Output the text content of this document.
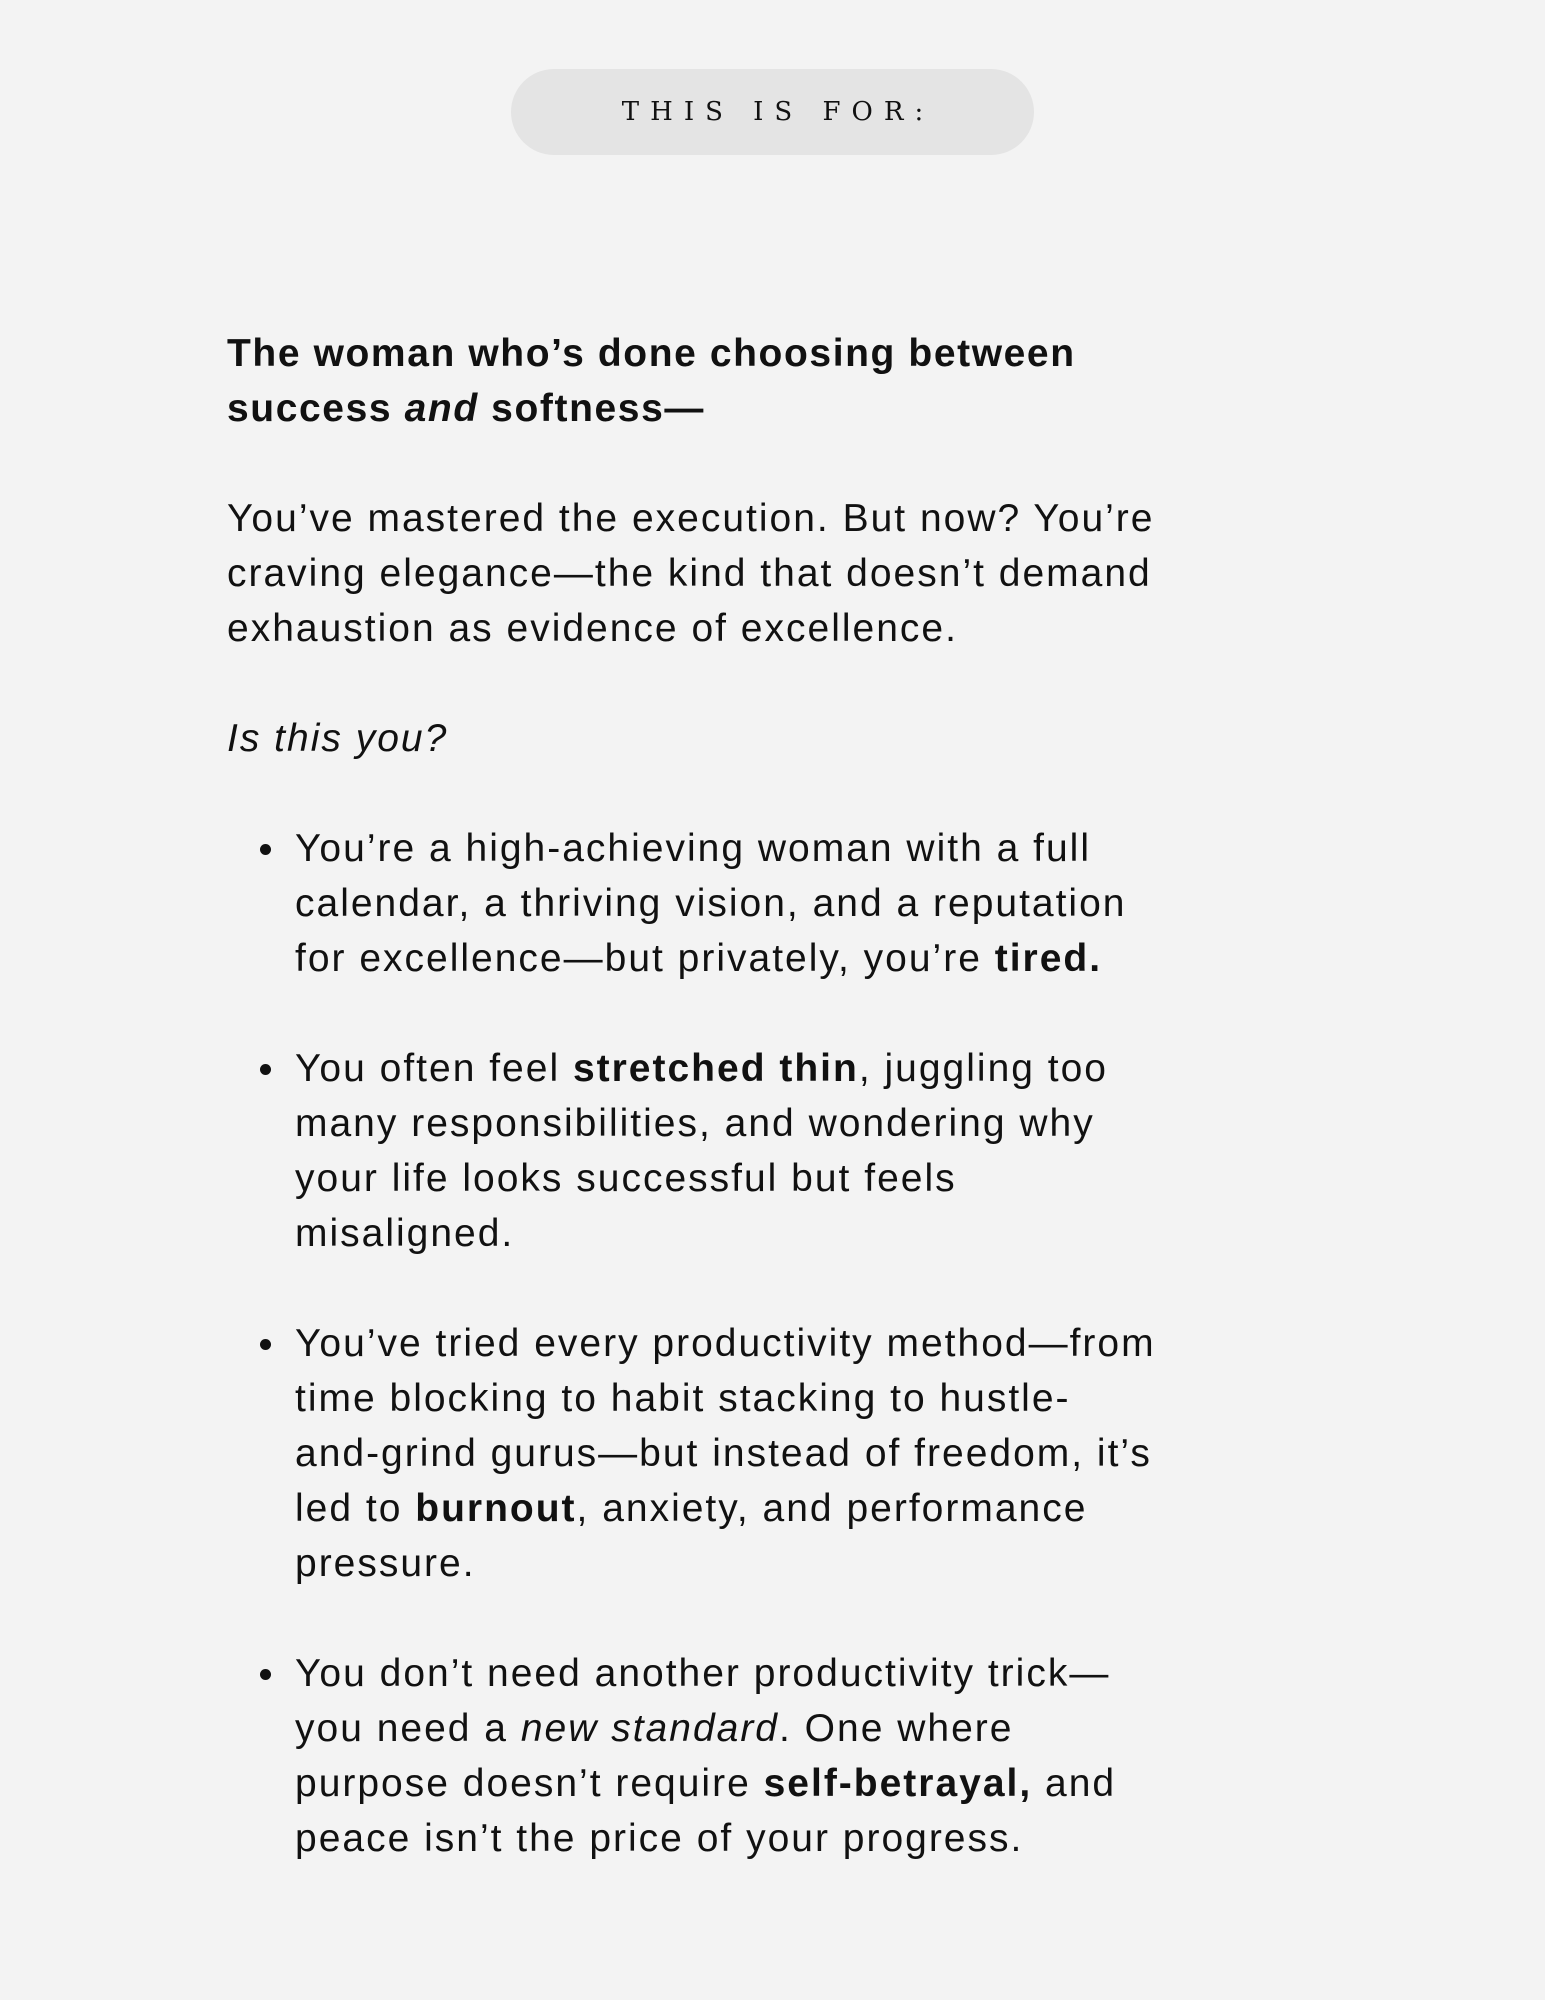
THIS IS FOR:

The woman who’s done choosing between
success and softness—

You’ve mastered the execution. But now? You’re
craving elegance—the kind that doesn’t demand
exhaustion as evidence of excellence.

Is this you?

You’re a high-achieving woman with a full
calendar, a thriving vision, and a reputation
for excellence—but privately, you’re tired.
You often feel stretched thin, juggling too
many responsibilities, and wondering why
your life looks successful but feels
misaligned.
You’ve tried every productivity method—from
time blocking to habit stacking to hustle-
and-grind gurus—but instead of freedom, it’s
led to burnout, anxiety, and performance
pressure.
You don’t need another productivity trick—
you need a new standard. One where
purpose doesn’t require self-betrayal, and
peace isn’t the price of your progress.
